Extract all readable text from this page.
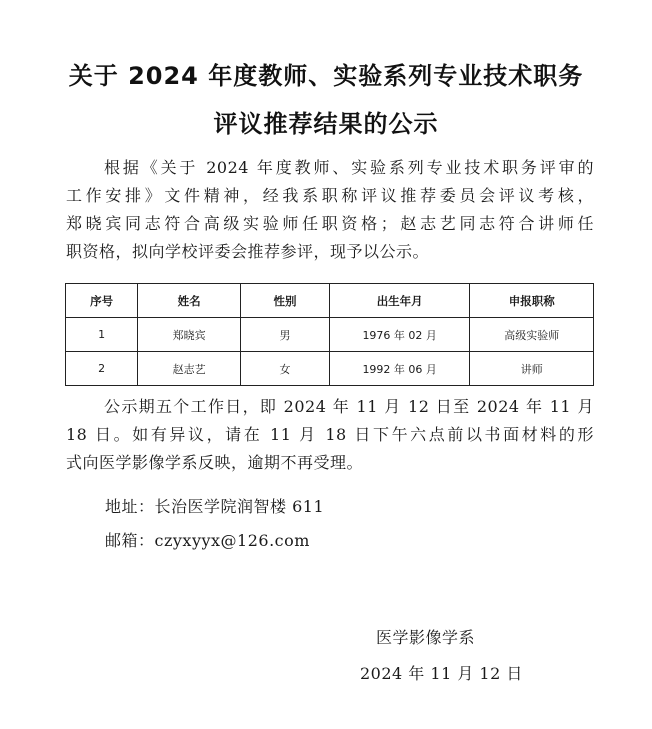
关于 2024 年度教师、实验系列专业技术职务
评议推荐结果的公示
根据《关于 2024 年度教师、实验系列专业技术职务评审的
工作安排》文件精神，经我系职称评议推荐委员会评议考核，
郑晓宾同志符合高级实验师任职资格；赵志艺同志符合讲师任
职资格，拟向学校评委会推荐参评，现予以公示。
序号	姓名	性别	出生年月	申报职称
1	郑晓宾	男	1976 年 02 月	高级实验师
2	赵志艺	女	1992 年 06 月	讲师
公示期五个工作日，即 2024 年 11 月 12 日至 2024 年 11 月
18 日。如有异议，请在 11 月 18 日下午六点前以书面材料的形
式向医学影像学系反映，逾期不再受理。
地址：长治医学院润智楼 611
邮箱：czyxyyx@126.com
医学影像学系
2024 年 11 月 12 日
